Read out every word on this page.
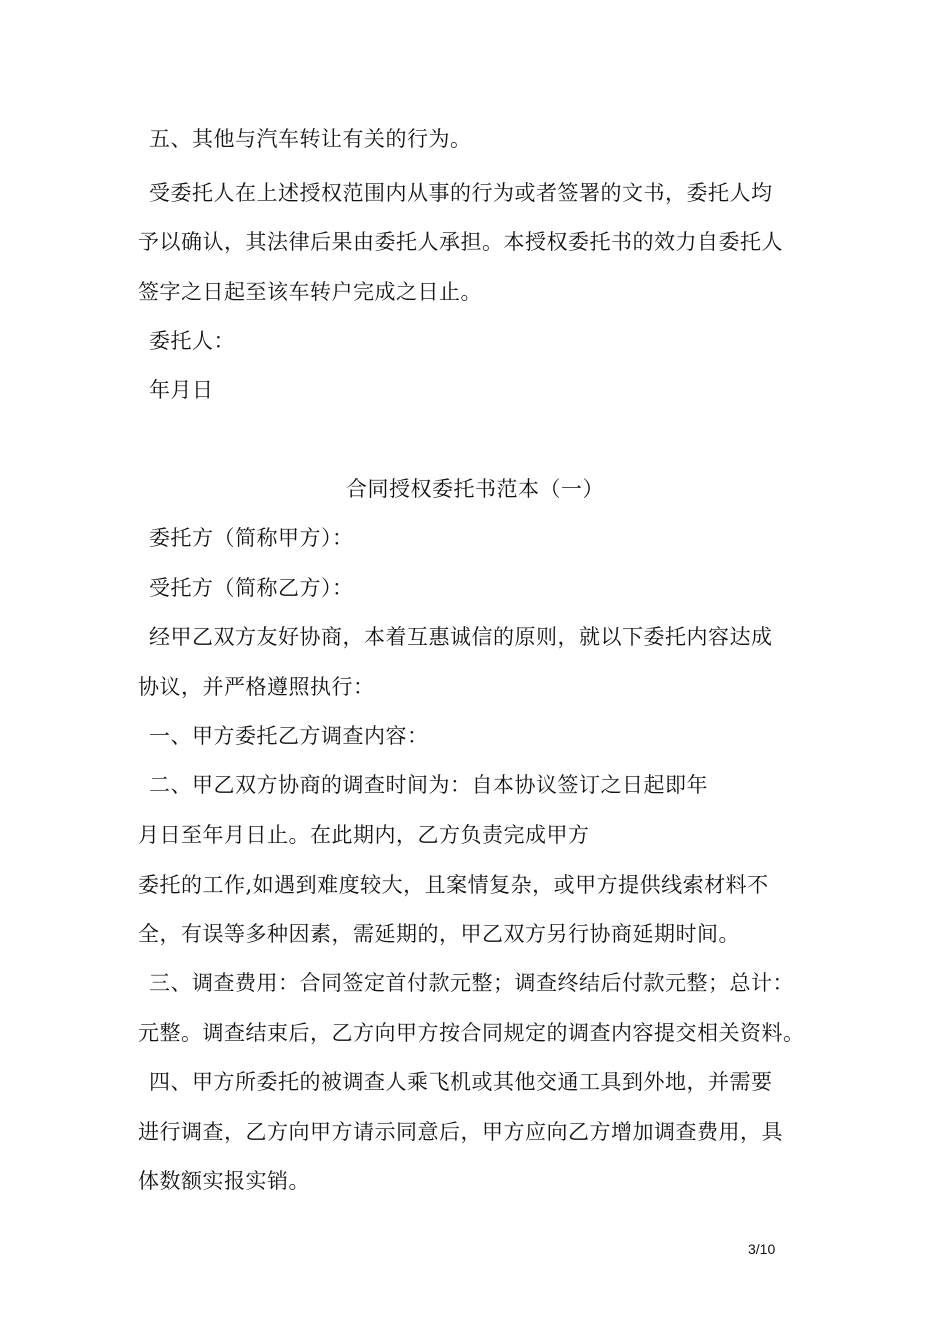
五、其他与汽车转让有关的行为。
受委托人在上述授权范围内从事的行为或者签署的文书，委托人均
予以确认，其法律后果由委托人承担。本授权委托书的效力自委托人
签字之日起至该车转户完成之日止。
委托人：
年月日
合同授权委托书范本（一）
委托方（简称甲方）：
受托方（简称乙方）：
经甲乙双方友好协商，本着互惠诚信的原则，就以下委托内容达成
协议，并严格遵照执行：
一、甲方委托乙方调查内容：
二、甲乙双方协商的调查时间为：自本协议签订之日起即年
月日至年月日止。在此期内，乙方负责完成甲方
委托的工作,如遇到难度较大，且案情复杂，或甲方提供线索材料不
全，有误等多种因素，需延期的，甲乙双方另行协商延期时间。
三、调查费用：合同签定首付款元整；调查终结后付款元整；总计：
元整。调查结束后，乙方向甲方按合同规定的调查内容提交相关资料。
四、甲方所委托的被调查人乘飞机或其他交通工具到外地，并需要
进行调查，乙方向甲方请示同意后，甲方应向乙方增加调查费用，具
体数额实报实销。
3/10
